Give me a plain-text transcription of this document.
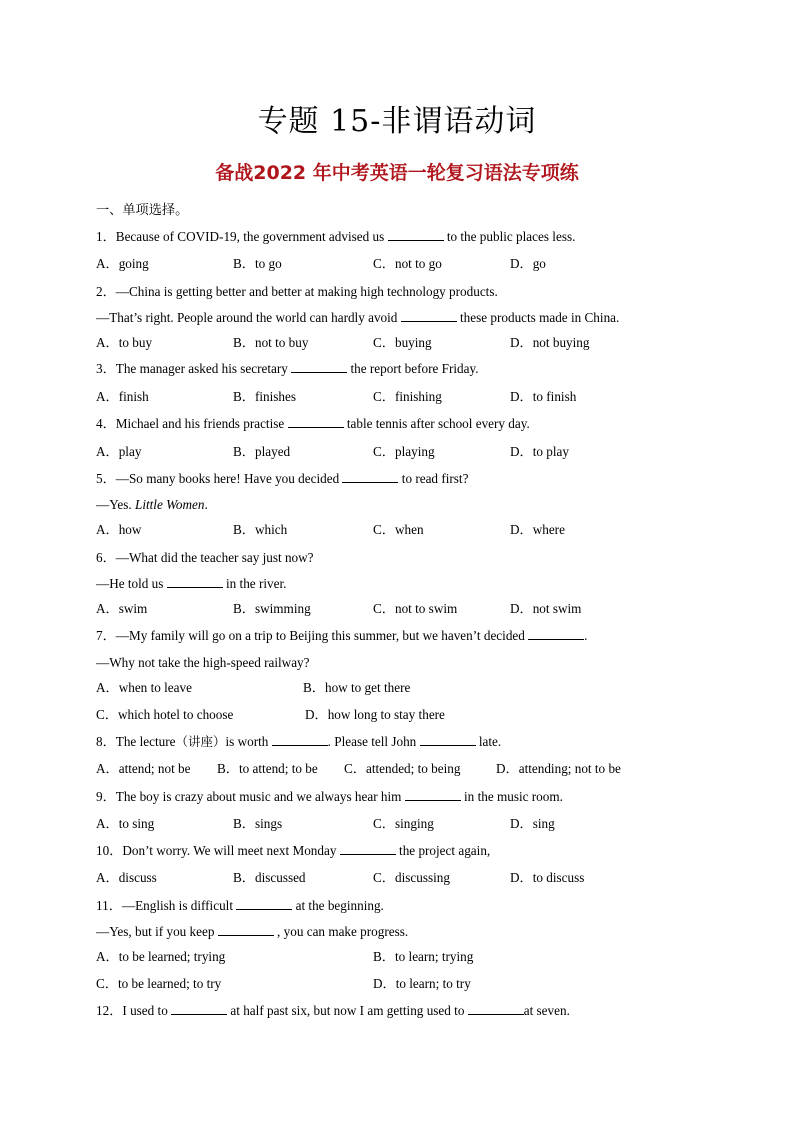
专题 15-非谓语动词
备战2022 年中考英语一轮复习语法专项练
一、单项选择。
1．Because of COVID-19, the government advised us	to the public places less.
A．going	B．to go	C．not to go	D．go
2．—China is getting better and better at making high technology products.
—That’s right. People around the world can hardly avoid	these products made in China.
A．to buy	B．not to buy	C．buying	D．not buying
3．The manager asked his secretary	the report before Friday.
A．finish	B．finishes	C．finishing	D．to finish
4．Michael and his friends practise	table tennis after school every day.
A．play	B．played	C．playing	D．to play
5．—So many books here! Have you decided	to read first?
—Yes. Little Women.
A．how	B．which	C．when	D．where
6．—What did the teacher say just now?
—He told us	in the river.
A．swim	B．swimming	C．not to swim	D．not swim
7．—My family will go on a trip to Beijing this summer, but we haven’t decided	.
—Why not take the high-speed railway?
A．when to leave	B．how to get there
C．which hotel to choose	D．how long to stay there
8．The lecture（讲座）is worth	. Please tell John	late.
A．attend; not be B．to attend; to be C．attended; to being	D．attending; not to be
9．The boy is crazy about music and we always hear him	in the music room.
A．to sing	B．sings	C．singing	D．sing
10．Don’t worry. We will meet next Monday	the project again,
A．discuss	B．discussed	C．discussing	D．to discuss
11．—English is difficult	at the beginning.
—Yes, but if you keep	, you can make progress.
A．to be learned; trying	B．to learn; trying
C．to be learned; to try	D．to learn; to try
12．I used to	at half past six, but now I am getting used to	at seven.
